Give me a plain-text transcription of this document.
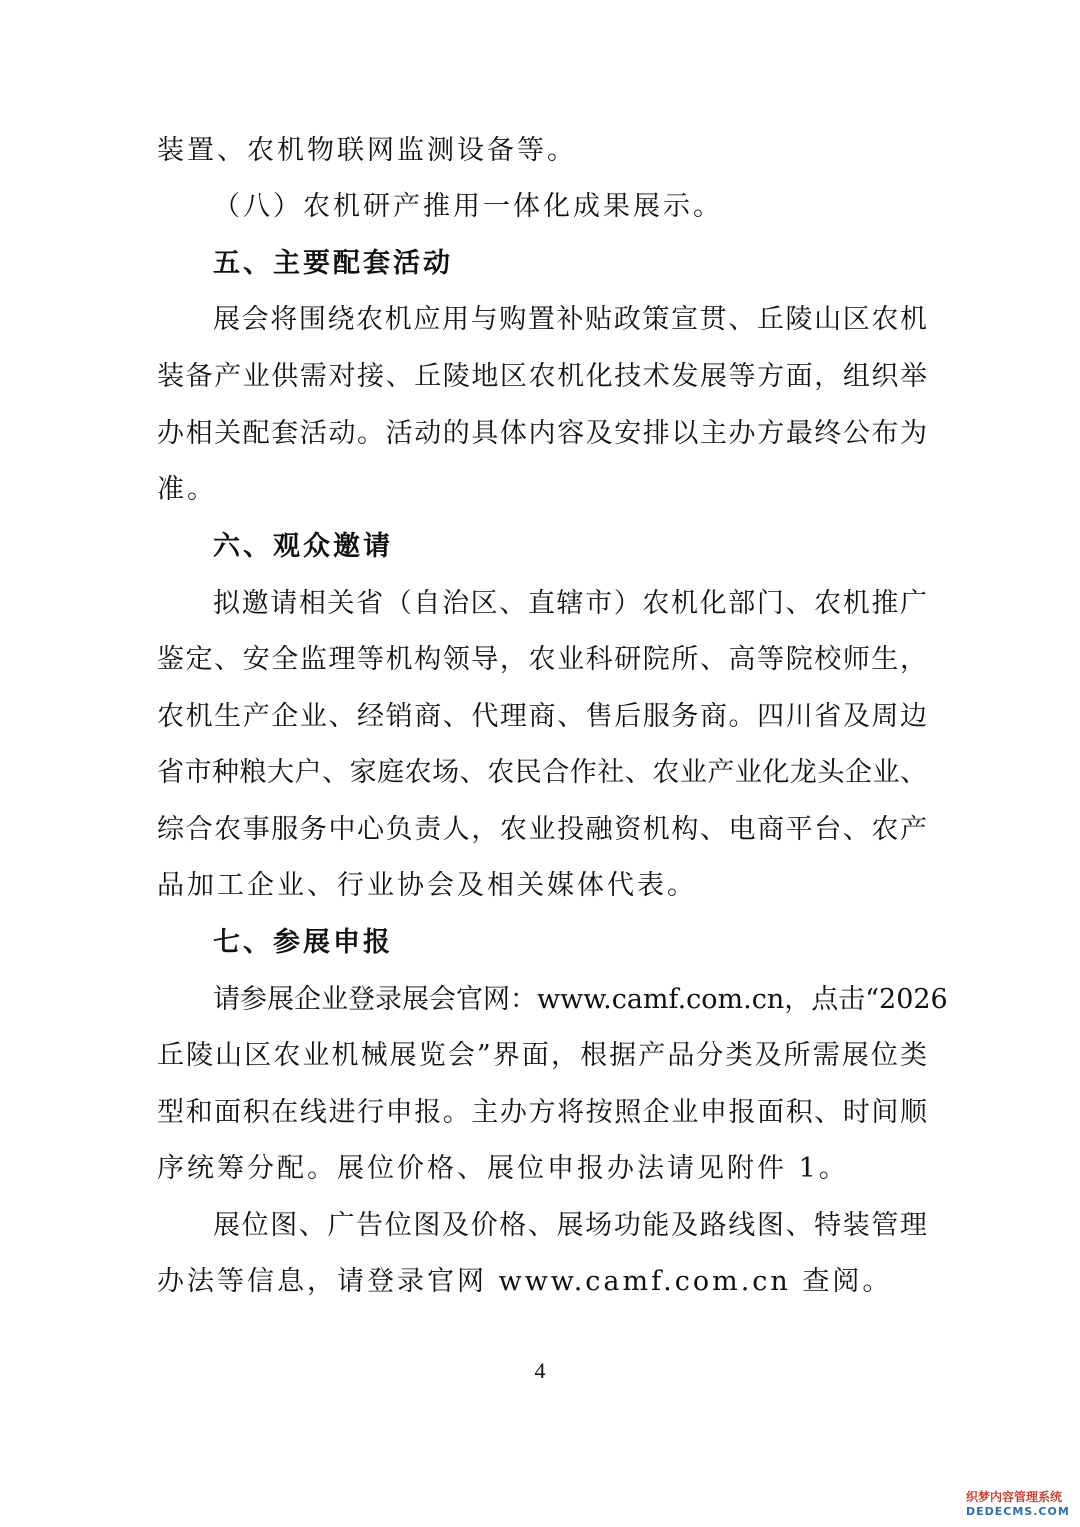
装置、农机物联网监测设备等。
（八）农机研产推用一体化成果展示。
五、主要配套活动
展会将围绕农机应用与购置补贴政策宣贯、丘陵山区农机
装备产业供需对接、丘陵地区农机化技术发展等方面，组织举
办相关配套活动。活动的具体内容及安排以主办方最终公布为
准。
六、观众邀请
拟邀请相关省（自治区、直辖市）农机化部门、农机推广
鉴定、安全监理等机构领导，农业科研院所、高等院校师生，
农机生产企业、经销商、代理商、售后服务商。四川省及周边
省市种粮大户、家庭农场、农民合作社、农业产业化龙头企业、
综合农事服务中心负责人，农业投融资机构、电商平台、农产
品加工企业、行业协会及相关媒体代表。
七、参展申报
请参展企业登录展会官网：www.camf.com.cn，点击“2026
丘陵山区农业机械展览会”界面，根据产品分类及所需展位类
型和面积在线进行申报。主办方将按照企业申报面积、时间顺
序统筹分配。展位价格、展位申报办法请见附件 1。
展位图、广告位图及价格、展场功能及路线图、特装管理
办法等信息，请登录官网 www.camf.com.cn 查阅。
4
织梦内容管理系统
DEDECMS.COM
